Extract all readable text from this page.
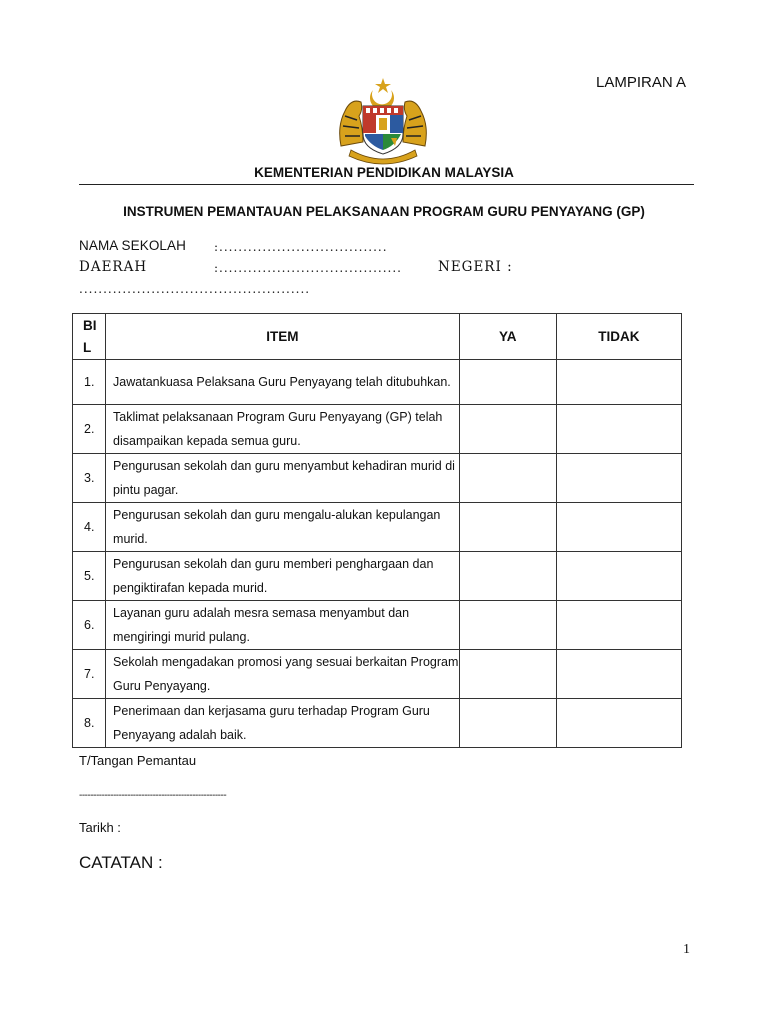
LAMPIRAN A
KEMENTERIAN PENDIDIKAN MALAYSIA
INSTRUMEN PEMANTAUAN PELAKSANAAN PROGRAM GURU PENYAYANG (GP)
NAMA SEKOLAH :...................................
DAERAH	:......................................	NEGERI :
................................................
BI
L	ITEM	YA	TIDAK
1.	Jawatankuasa Pelaksana Guru Penyayang telah ditubuhkan.		
2.	Taklimat pelaksanaan Program Guru Penyayang (GP) telah disampaikan kepada semua guru.		
3.	Pengurusan sekolah dan guru menyambut kehadiran murid di pintu pagar.		
4.	Pengurusan sekolah dan guru mengalu-alukan kepulangan murid.		
5.	Pengurusan sekolah dan guru memberi penghargaan dan pengiktirafan kepada murid.		
6.	Layanan guru adalah mesra semasa menyambut dan mengiringi murid pulang.		
7.	Sekolah mengadakan promosi yang sesuai berkaitan Program Guru Penyayang.		
8.	Penerimaan dan kerjasama guru terhadap Program Guru Penyayang adalah baik.		
T/Tangan Pemantau
----------------------------------------------------
Tarikh :
CATATAN :
1
